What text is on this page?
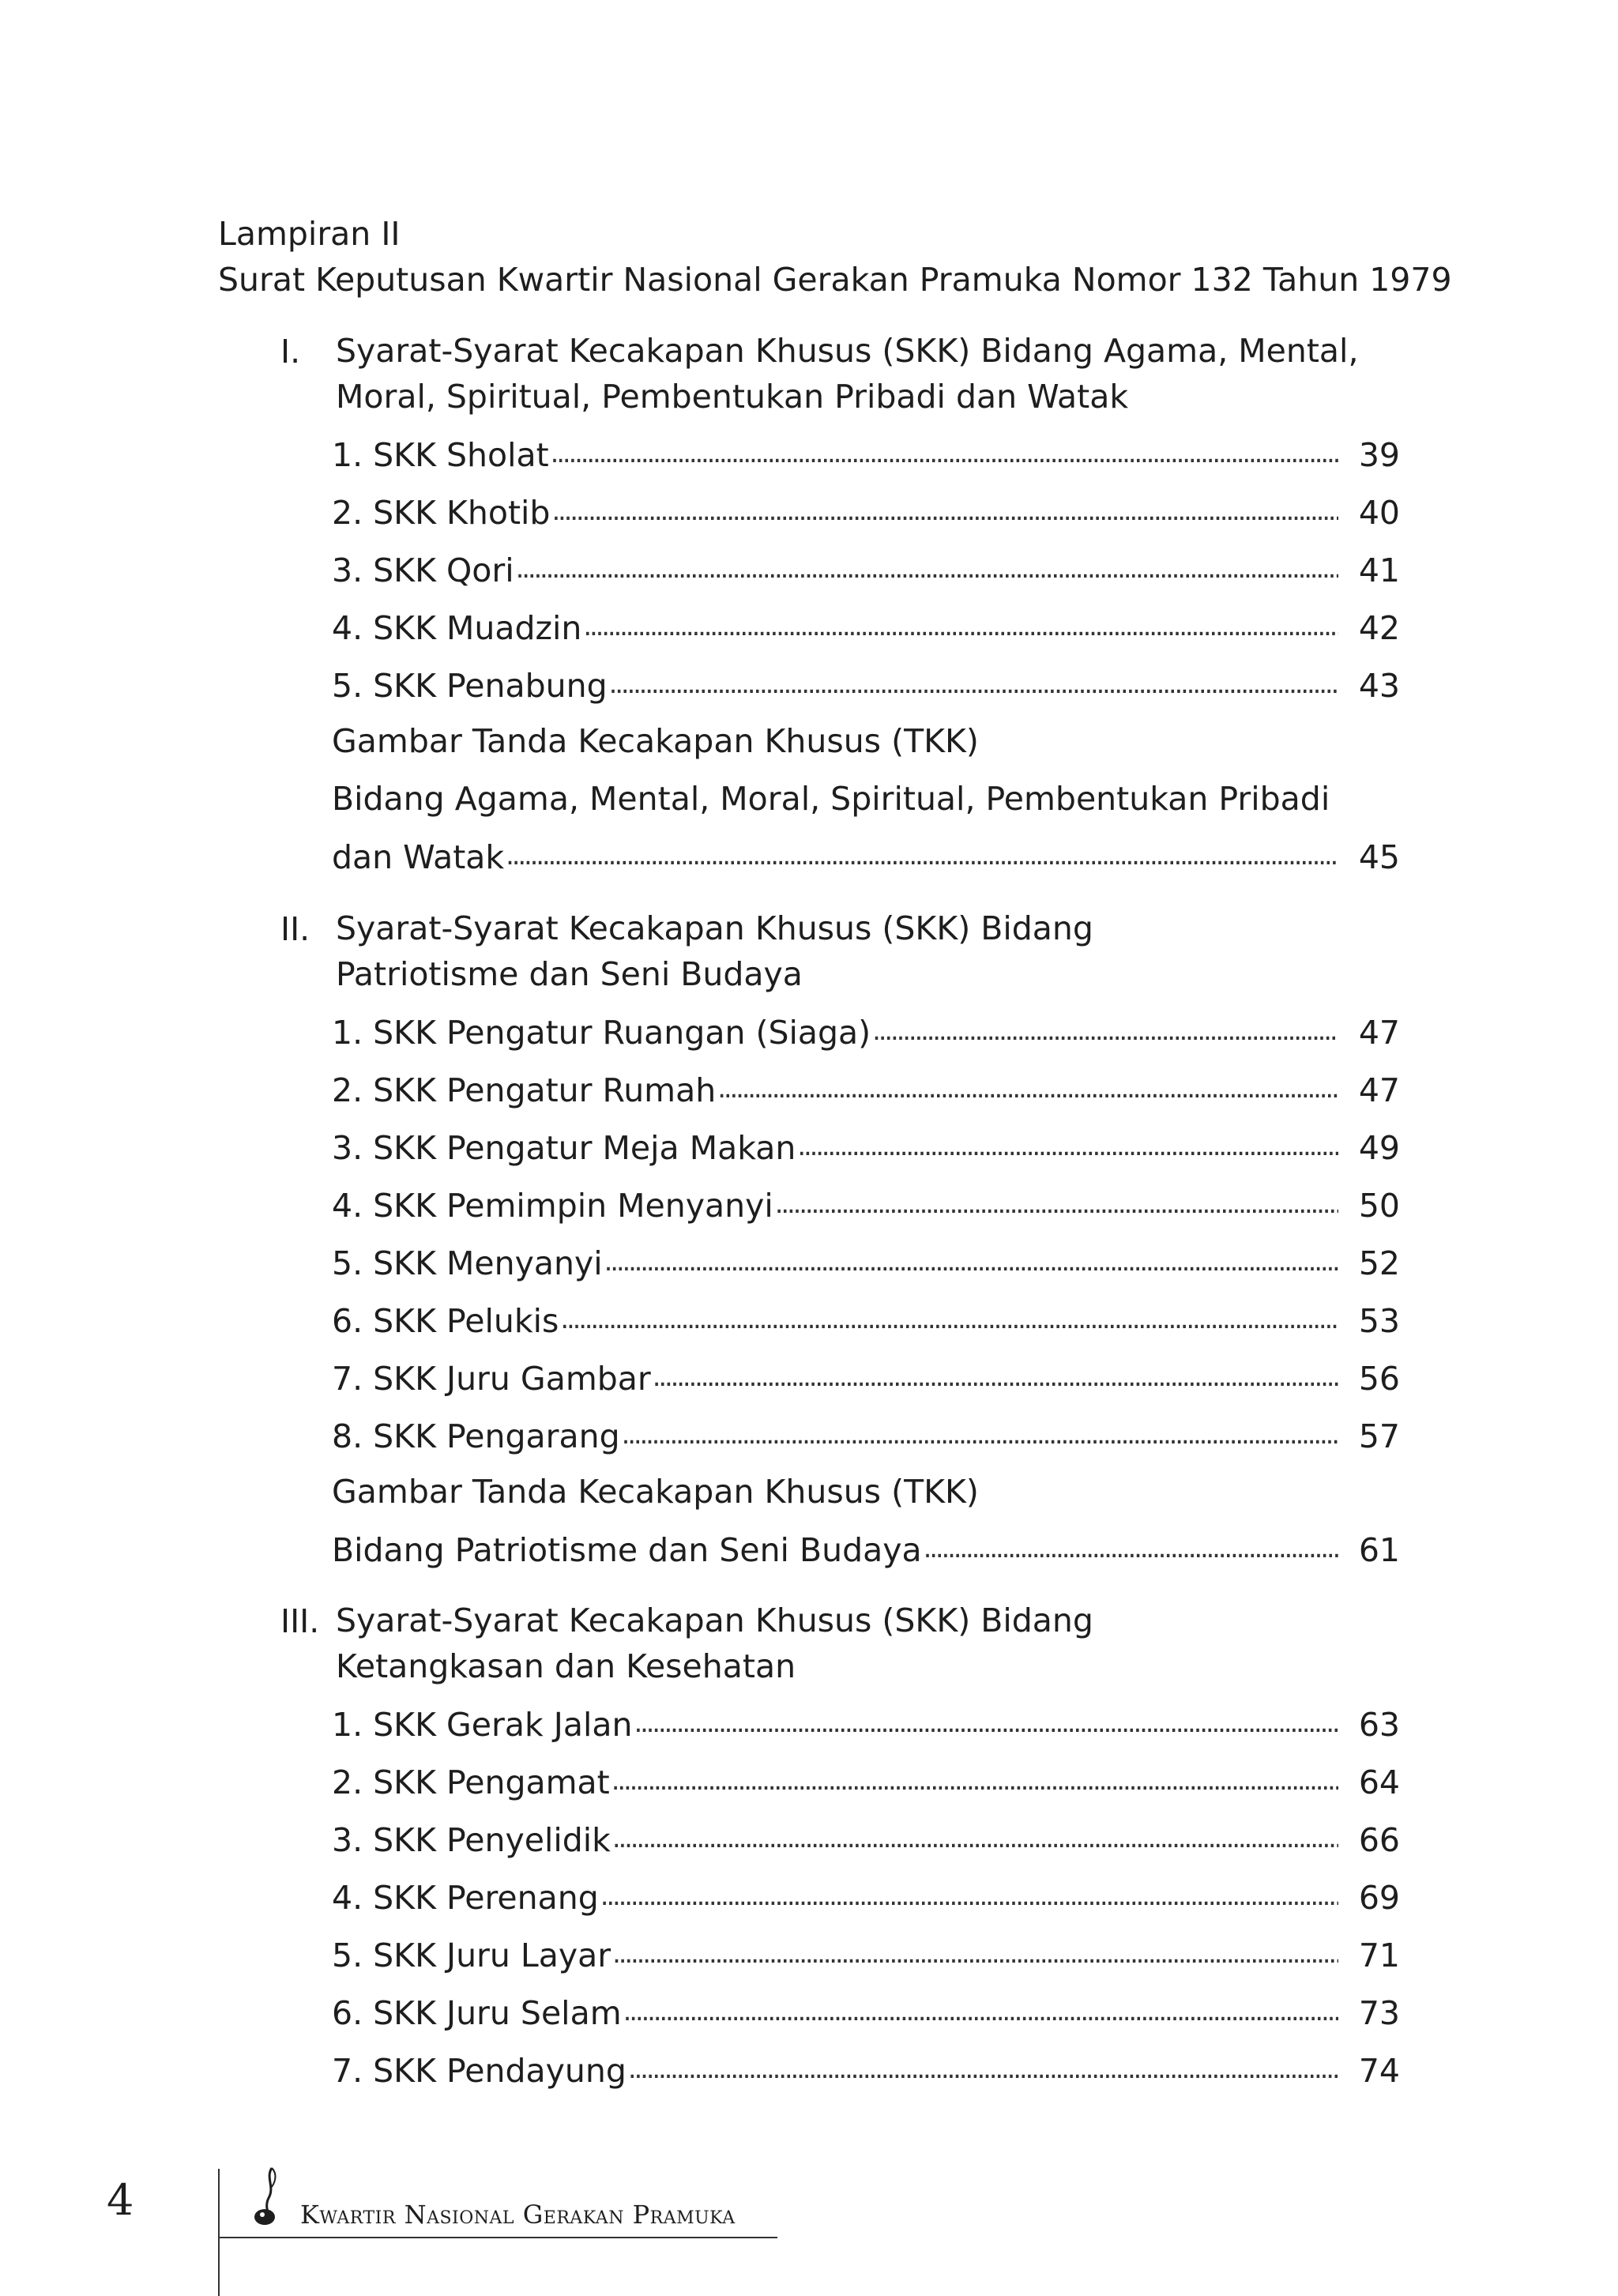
Lampiran II
Surat Keputusan Kwartir Nasional Gerakan Pramuka Nomor 132 Tahun 1979
I. Syarat-Syarat Kecakapan Khusus (SKK) Bidang Agama, Mental, Moral, Spiritual, Pembentukan Pribadi dan Watak
1. SKK Sholat . . .	39
2. SKK Khotib . . .	40
3. SKK Qori . . .	41
4. SKK Muadzin . . .	42
5. SKK Penabung . . .	43
Gambar Tanda Kecakapan Khusus (TKK)
Bidang Agama, Mental, Moral, Spiritual, Pembentukan Pribadi
dan Watak . . .	45
II. Syarat-Syarat Kecakapan Khusus (SKK) Bidang Patriotisme dan Seni Budaya
1. SKK Pengatur Ruangan (Siaga) . . .	47
2. SKK Pengatur Rumah . . .	47
3. SKK Pengatur Meja Makan . . .	49
4. SKK Pemimpin Menyanyi . . .	50
5. SKK Menyanyi . . .	52
6. SKK Pelukis . . .	53
7. SKK Juru Gambar . . .	56
8. SKK Pengarang . . .	57
Gambar Tanda Kecakapan Khusus (TKK)
Bidang Patriotisme dan Seni Budaya . . .	61
III. Syarat-Syarat Kecakapan Khusus (SKK) Bidang Ketangkasan dan Kesehatan
1. SKK Gerak Jalan . . .	63
2. SKK Pengamat . . .	64
3. SKK Penyelidik . . .	66
4. SKK Perenang . . .	69
5. SKK Juru Layar . . .	71
6. SKK Juru Selam . . .	73
7. SKK Pendayung . . .	74
4	Kwartir Nasional Gerakan Pramuka
